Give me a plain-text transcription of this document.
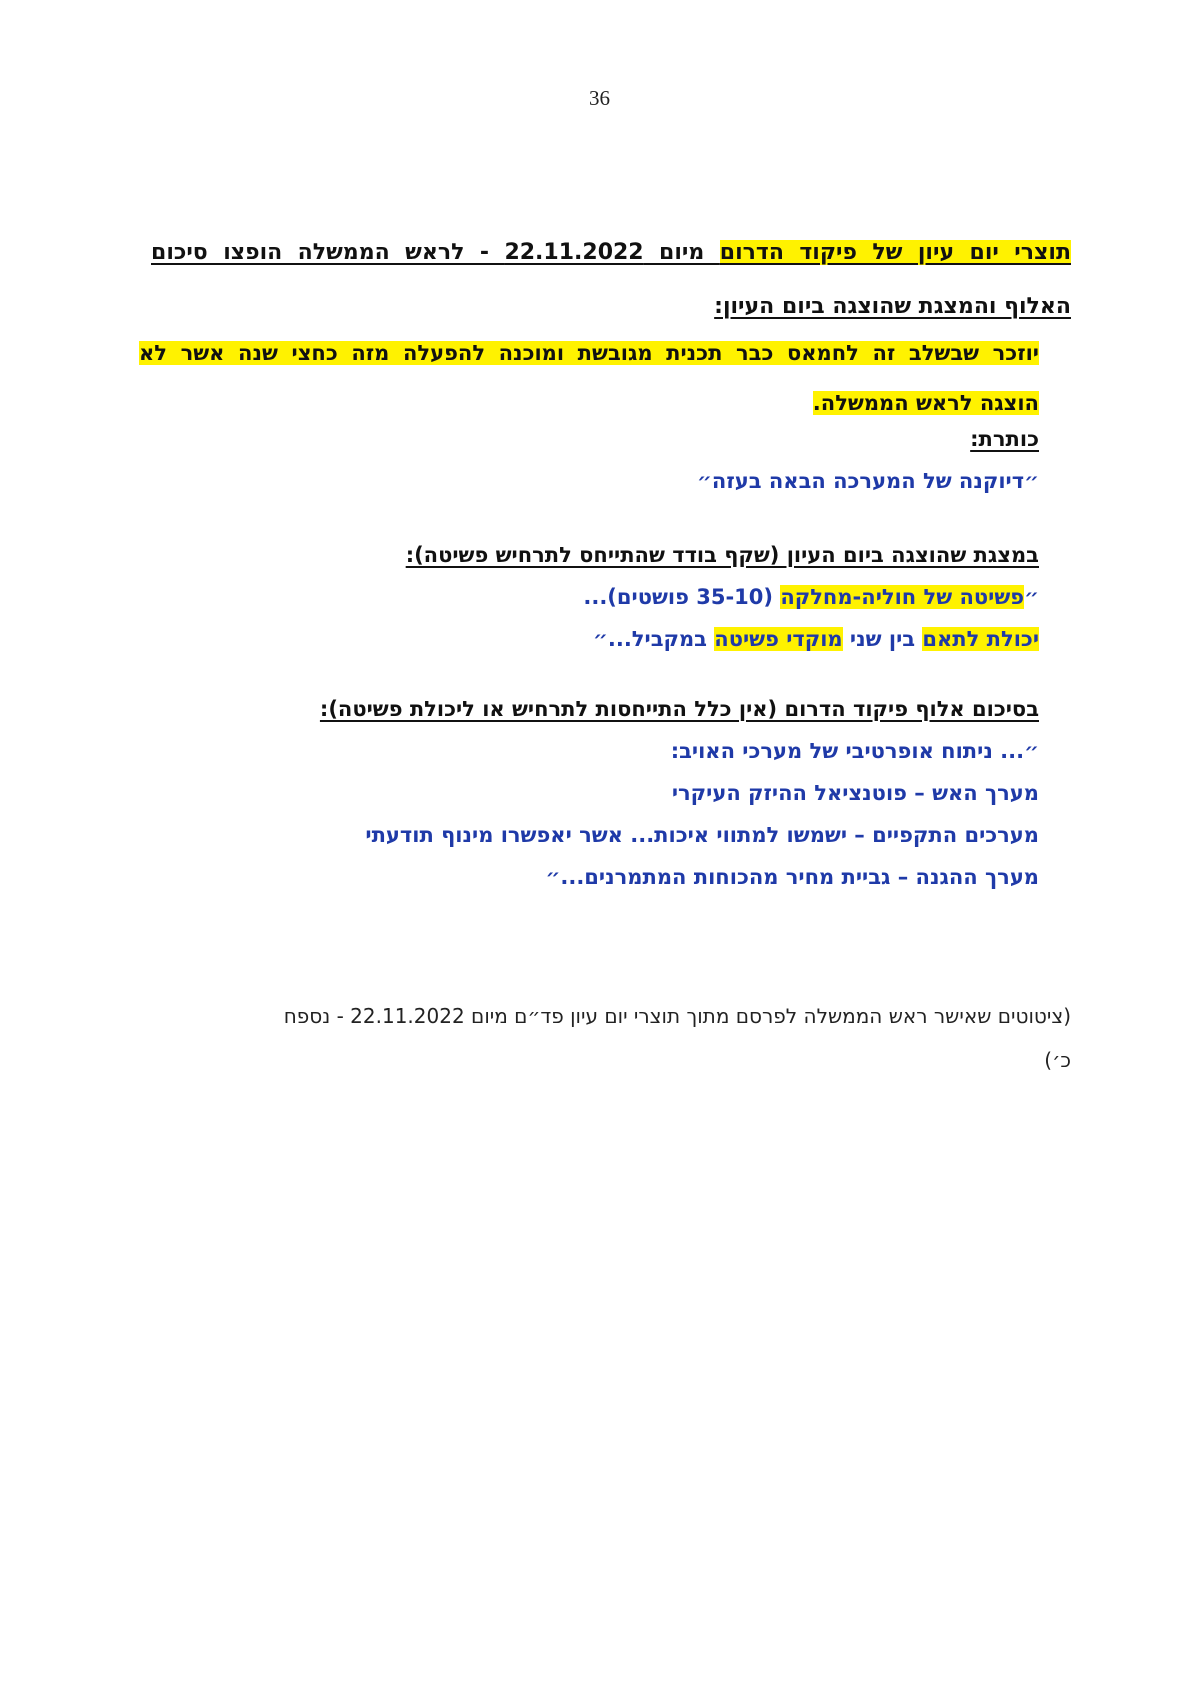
36
תוצרי יום עיון של פיקוד הדרום מיום 22.11.2022 - לראש הממשלה הופצו סיכום
האלוף והמצגת שהוצגה ביום העיון:
יוזכר שבשלב זה לחמאס כבר תכנית מגובשת ומוכנה להפעלה מזה כחצי שנה אשר לא
הוצגה לראש הממשלה.
כותרת:
״דיוקנה של המערכה הבאה בעזה״
במצגת שהוצגה ביום העיון (שקף בודד שהתייחס לתרחיש פשיטה):
״פשיטה של חוליה-מחלקה (35-10 פושטים)...
יכולת לתאם בין שני מוקדי פשיטה במקביל...״
בסיכום אלוף פיקוד הדרום (אין כלל התייחסות לתרחיש או ליכולת פשיטה):
״... ניתוח אופרטיבי של מערכי האויב:
מערך האש – פוטנציאל ההיזק העיקרי
מערכים התקפיים – ישמשו למתווי איכות... אשר יאפשרו מינוף תודעתי
מערך ההגנה – גביית מחיר מהכוחות המתמרנים...״
(ציטוטים שאישר ראש הממשלה לפרסם מתוך תוצרי יום עיון פד״ם מיום 22.11.2022 - נספח
כ׳)
